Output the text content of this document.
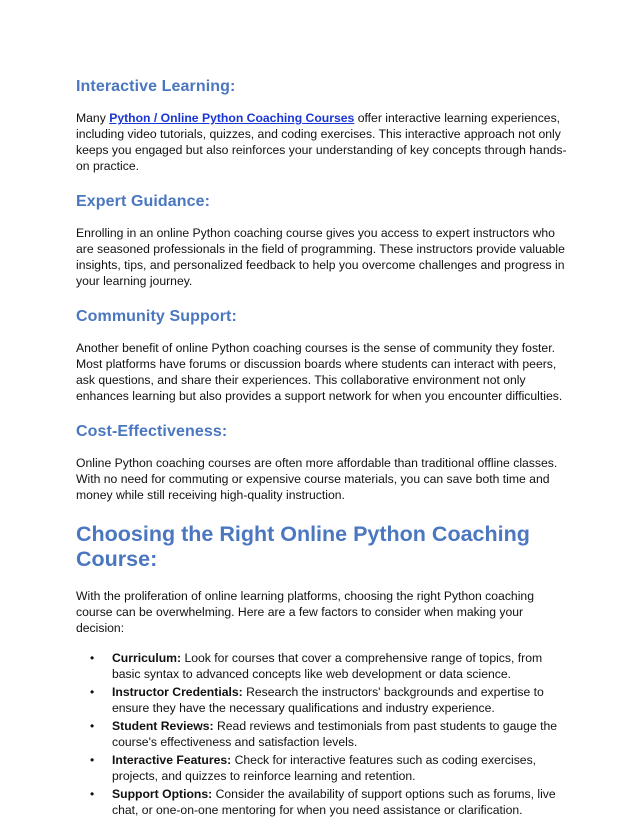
Interactive Learning:

Many Python / Online Python Coaching Courses offer interactive learning experiences, including video tutorials, quizzes, and coding exercises. This interactive approach not only keeps you engaged but also reinforces your understanding of key concepts through hands-on practice.

Expert Guidance:

Enrolling in an online Python coaching course gives you access to expert instructors who are seasoned professionals in the field of programming. These instructors provide valuable insights, tips, and personalized feedback to help you overcome challenges and progress in your learning journey.

Community Support:

Another benefit of online Python coaching courses is the sense of community they foster. Most platforms have forums or discussion boards where students can interact with peers, ask questions, and share their experiences. This collaborative environment not only enhances learning but also provides a support network for when you encounter difficulties.

Cost-Effectiveness:

Online Python coaching courses are often more affordable than traditional offline classes. With no need for commuting or expensive course materials, you can save both time and money while still receiving high-quality instruction.

Choosing the Right Online Python Coaching Course:

With the proliferation of online learning platforms, choosing the right Python coaching course can be overwhelming. Here are a few factors to consider when making your decision:

• Curriculum: Look for courses that cover a comprehensive range of topics, from basic syntax to advanced concepts like web development or data science.
• Instructor Credentials: Research the instructors' backgrounds and expertise to ensure they have the necessary qualifications and industry experience.
• Student Reviews: Read reviews and testimonials from past students to gauge the course's effectiveness and satisfaction levels.
• Interactive Features: Check for interactive features such as coding exercises, projects, and quizzes to reinforce learning and retention.
• Support Options: Consider the availability of support options such as forums, live chat, or one-on-one mentoring for when you need assistance or clarification.
